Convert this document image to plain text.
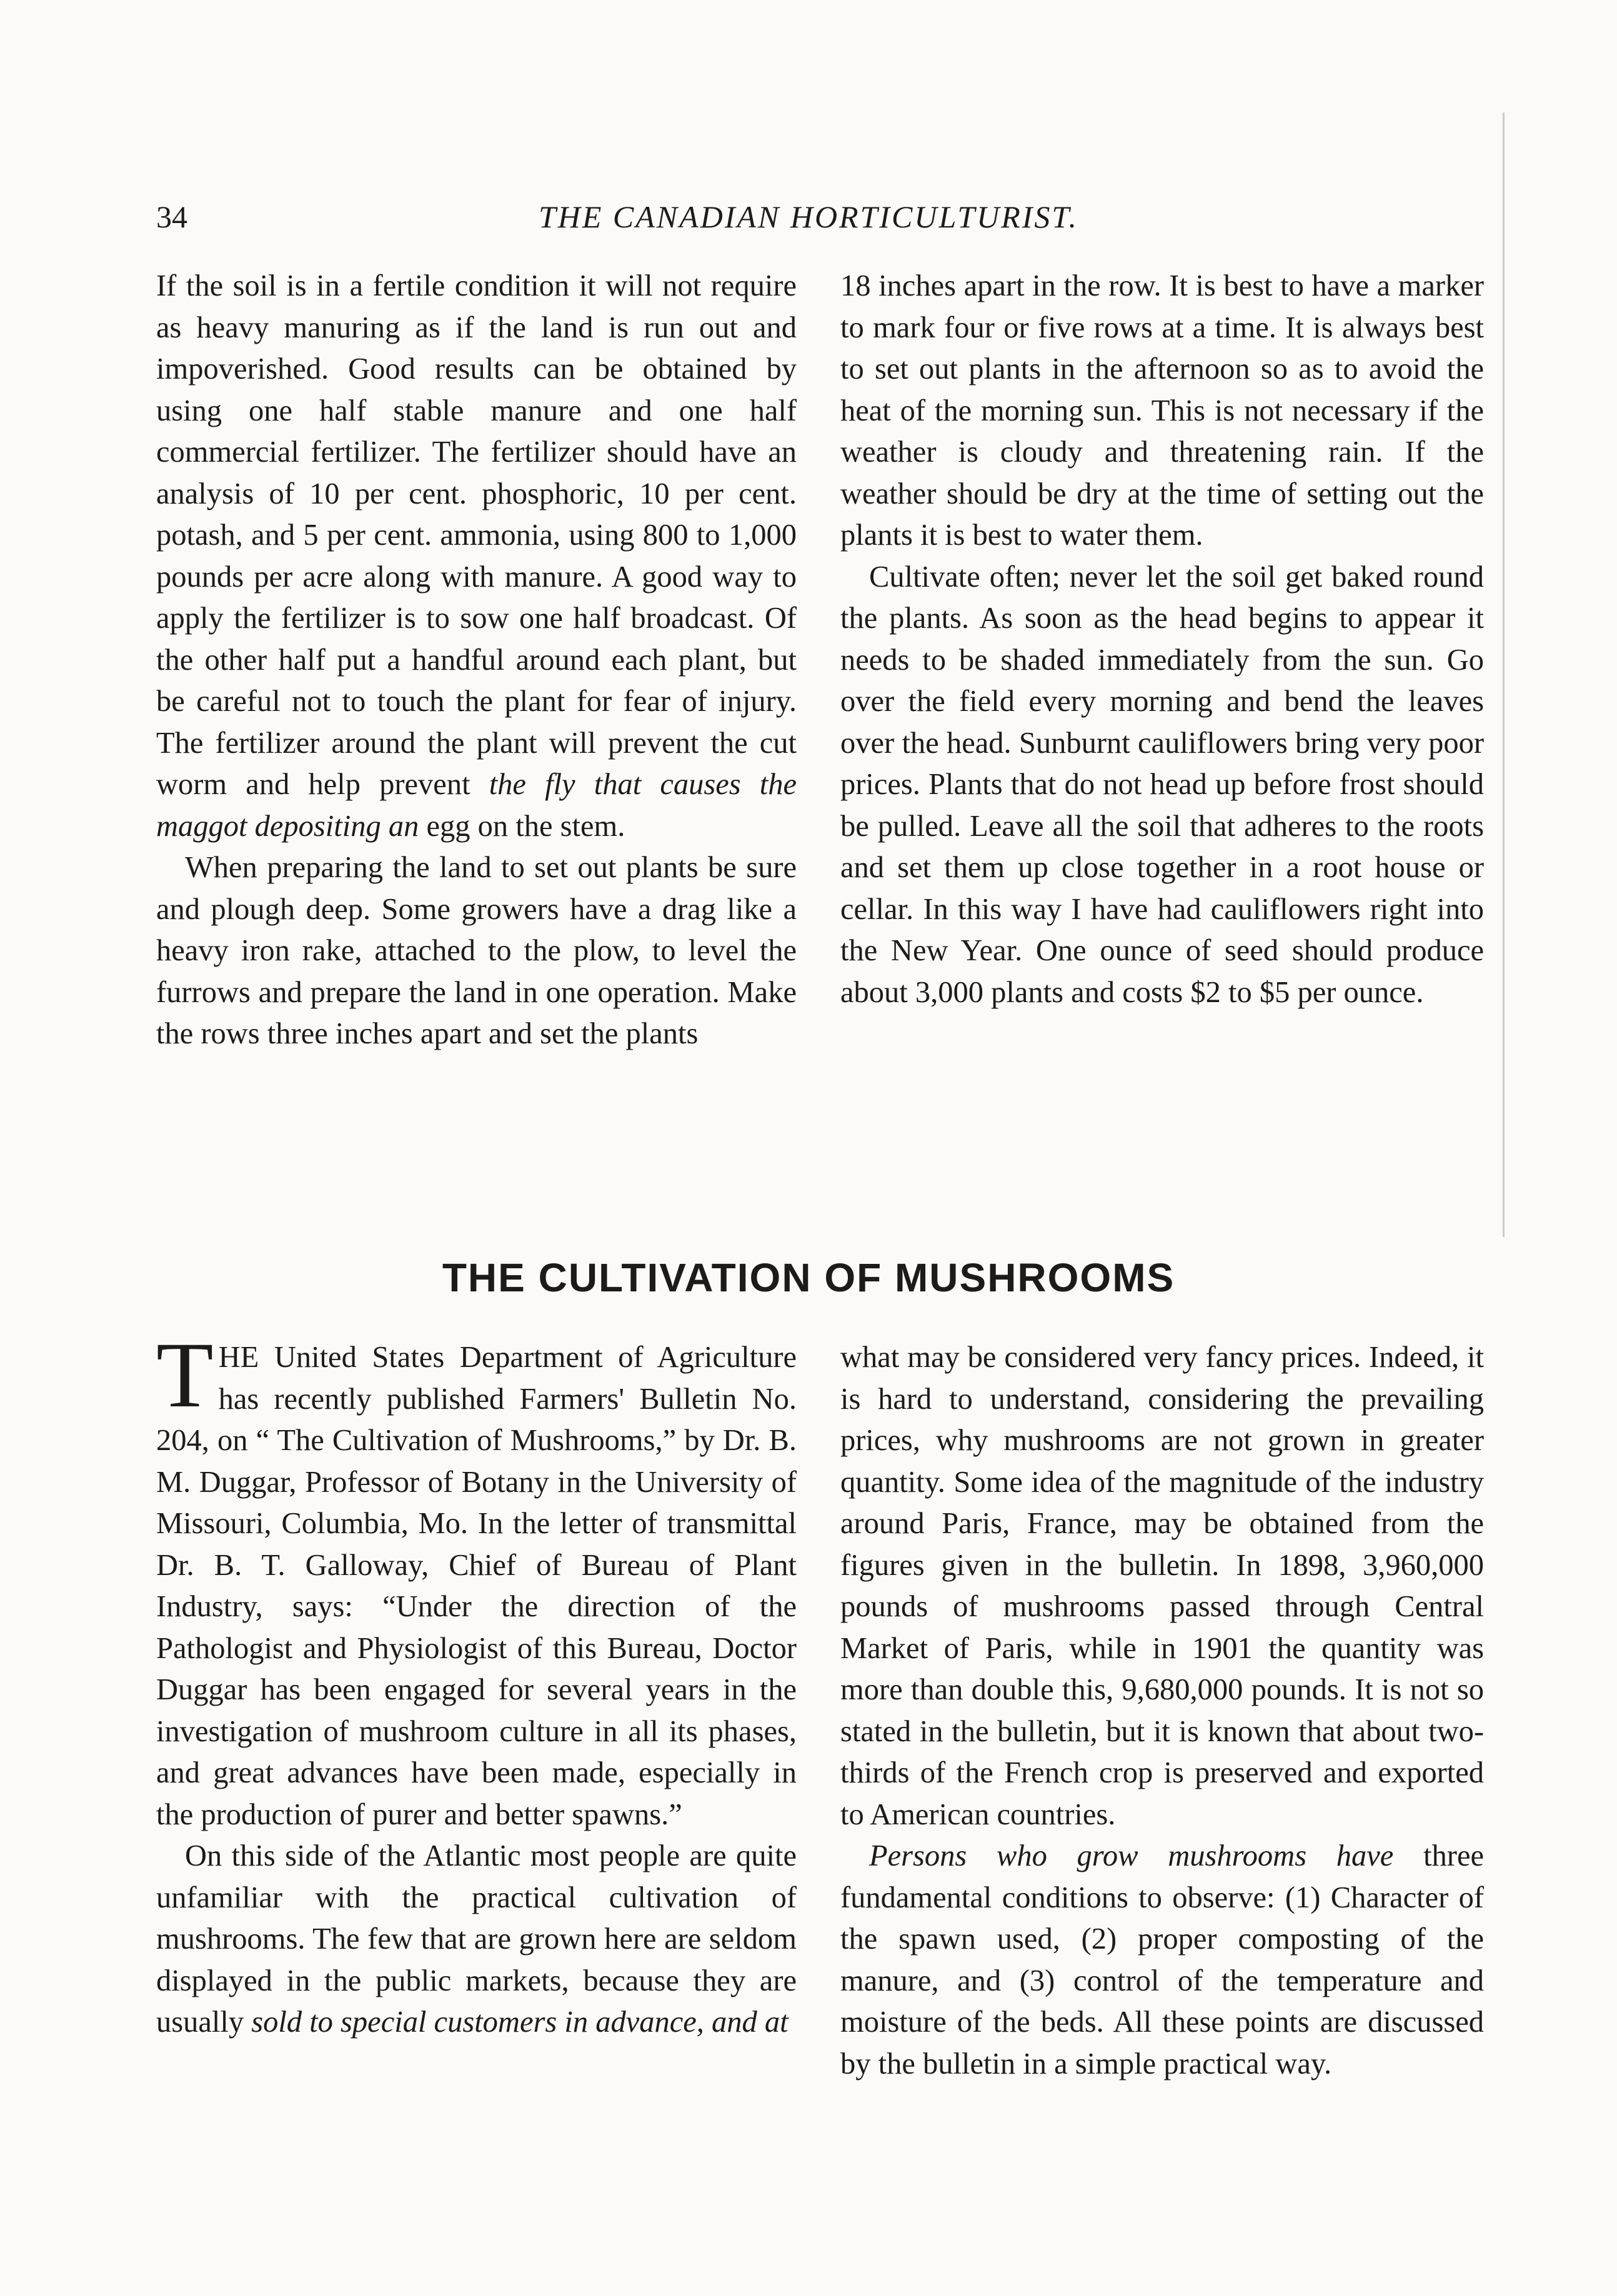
34	THE CANADIAN HORTICULTURIST.

If the soil is in a fertile condition it will not require as heavy manuring as if the land is run out and impoverished. Good results can be obtained by using one half stable manure and one half commercial fertilizer. The fertilizer should have an analysis of 10 per cent. phosphoric, 10 per cent. potash, and 5 per cent. ammonia, using 800 to 1,000 pounds per acre along with manure. A good way to apply the fertilizer is to sow one half broadcast. Of the other half put a handful around each plant, but be careful not to touch the plant for fear of injury. The fertilizer around the plant will prevent the cut worm and help prevent the fly that causes the maggot depositing an egg on the stem.

When preparing the land to set out plants be sure and plough deep. Some growers have a drag like a heavy iron rake, attached to the plow, to level the furrows and prepare the land in one operation. Make the rows three inches apart and set the plants

18 inches apart in the row. It is best to have a marker to mark four or five rows at a time. It is always best to set out plants in the afternoon so as to avoid the heat of the morning sun. This is not necessary if the weather is cloudy and threatening rain. If the weather should be dry at the time of setting out the plants it is best to water them.

Cultivate often; never let the soil get baked round the plants. As soon as the head begins to appear it needs to be shaded immediately from the sun. Go over the field every morning and bend the leaves over the head. Sunburnt cauliflowers bring very poor prices. Plants that do not head up before frost should be pulled. Leave all the soil that adheres to the roots and set them up close together in a root house or cellar. In this way I have had cauliflowers right into the New Year. One ounce of seed should produce about 3,000 plants and costs $2 to $5 per ounce.

THE CULTIVATION OF MUSHROOMS

THE United States Department of Agriculture has recently published Farmers' Bulletin No. 204, on “ The Cultivation of Mushrooms,” by Dr. B. M. Duggar, Professor of Botany in the University of Missouri, Columbia, Mo. In the letter of transmittal Dr. B. T. Galloway, Chief of Bureau of Plant Industry, says: “Under the direction of the Pathologist and Physiologist of this Bureau, Doctor Duggar has been engaged for several years in the investigation of mushroom culture in all its phases, and great advances have been made, especially in the production of purer and better spawns.”

On this side of the Atlantic most people are quite unfamiliar with the practical cultivation of mushrooms. The few that are grown here are seldom displayed in the public markets, because they are usually sold to special customers in advance, and at

what may be considered very fancy prices. Indeed, it is hard to understand, considering the prevailing prices, why mushrooms are not grown in greater quantity. Some idea of the magnitude of the industry around Paris, France, may be obtained from the figures given in the bulletin. In 1898, 3,960,000 pounds of mushrooms passed through Central Market of Paris, while in 1901 the quantity was more than double this, 9,680,000 pounds. It is not so stated in the bulletin, but it is known that about two-thirds of the French crop is preserved and exported to American countries.

Persons who grow mushrooms have three fundamental conditions to observe: (1) Character of the spawn used, (2) proper composting of the manure, and (3) control of the temperature and moisture of the beds. All these points are discussed by the bulletin in a simple practical way.
